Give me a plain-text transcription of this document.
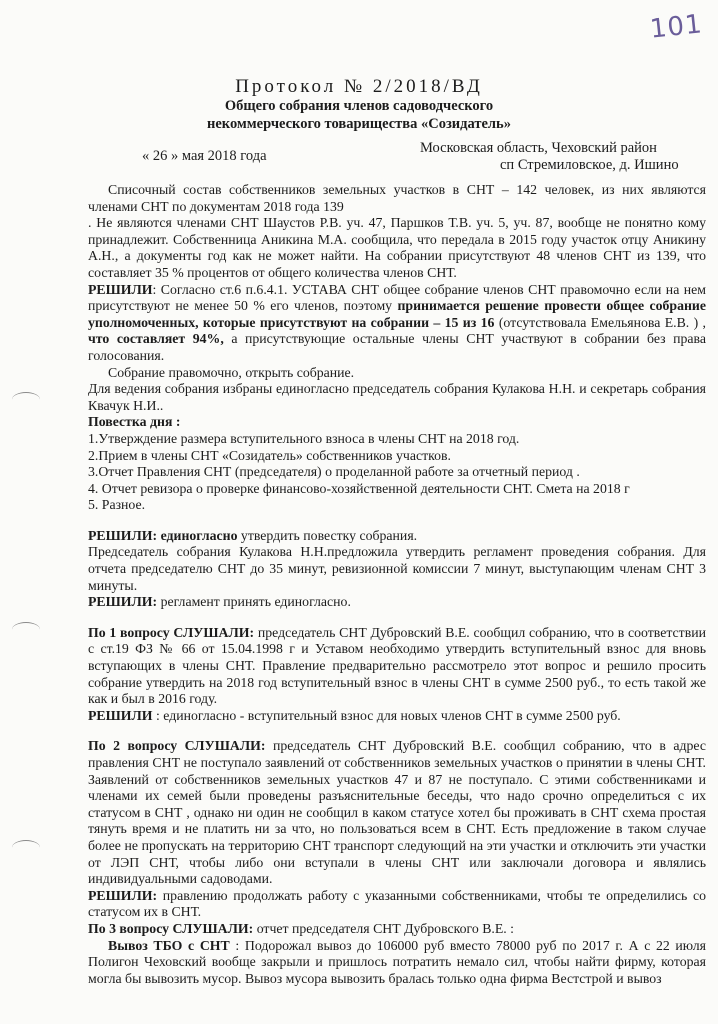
101
Протокол № 2/2018/ВД
Общего собрания членов садоводческого
некоммерческого товарищества «Созидатель»
« 26 » мая 2018 года	Московская область, Чеховский район
сп Стремиловское, д. Ишино

Списочный состав собственников земельных участков в СНТ – 142 человек, из них являются членами СНТ по документам 2018 года 139

. Не являются членами СНТ Шаустов Р.В. уч. 47, Паршков Т.В. уч. 5, уч. 87, вообще не понятно кому принадлежит. Собственница Аникина М.А. сообщила, что передала в 2015 году участок отцу Аникину А.Н., а документы год как не может найти. На собрании присутствуют 48 членов СНТ из 139, что составляет 35 % процентов от общего количества членов СНТ.

РЕШИЛИ: Согласно ст.6 п.6.4.1. УСТАВА СНТ общее собрание членов СНТ правомочно если на нем присутствуют не менее 50 % его членов, поэтому принимается решение провести общее собрание уполномоченных, которые присутствуют на собрании – 15 из 16 (отсутствовала Емельянова Е.В. ) , что составляет 94%, а присутствующие остальные члены СНТ участвуют в собрании без права голосования.

Собрание правомочно, открыть собрание.

Для ведения собрания избраны единогласно председатель собрания Кулакова Н.Н. и секретарь собрания Квачук Н.И..

Повестка дня :

1.Утверждение размера вступительного взноса в члены СНТ на 2018 год.

2.Прием в члены СНТ «Созидатель» собственников участков.

3.Отчет Правления СНТ (председателя) о проделанной работе за отчетный период .

4. Отчет ревизора о проверке финансово-хозяйственной деятельности СНТ. Смета на 2018 г

5. Разное.

РЕШИЛИ: единогласно утвердить повестку собрания.

Председатель собрания Кулакова Н.Н.предложила утвердить регламент проведения собрания. Для отчета председателю СНТ до 35 минут, ревизионной комиссии 7 минут, выступающим членам СНТ 3 минуты.

РЕШИЛИ: регламент принять единогласно.

По 1 вопросу СЛУШАЛИ: председатель СНТ Дубровский В.Е. сообщил собранию, что в соответствии с ст.19 ФЗ № 66 от 15.04.1998 г и Уставом необходимо утвердить вступительный взнос для вновь вступающих в члены СНТ. Правление предварительно рассмотрело этот вопрос и решило просить собрание утвердить на 2018 год вступительный взнос в члены СНТ в сумме 2500 руб., то есть такой же как и был в 2016 году.

РЕШИЛИ : единогласно - вступительный взнос для новых членов СНТ в сумме 2500 руб.

По 2 вопросу СЛУШАЛИ: председатель СНТ Дубровский В.Е. сообщил собранию, что в адрес правления СНТ не поступало заявлений от собственников земельных участков о принятии в члены СНТ. Заявлений от собственников земельных участков 47 и 87 не поступало. С этими собственниками и членами их семей были проведены разъяснительные беседы, что надо срочно определиться с их статусом в СНТ , однако ни один не сообщил в каком статусе хотел бы проживать в СНТ схема простая тянуть время и не платить ни за что, но пользоваться всем в СНТ. Есть предложение в таком случае более не пропускать на территорию СНТ транспорт следующий на эти участки и отключить эти участки от ЛЭП СНТ, чтобы либо они вступали в члены СНТ или заключали договора и являлись индивидуальными садоводами.

РЕШИЛИ: правлению продолжать работу с указанными собственниками, чтобы те определились со статусом их в СНТ.

По 3 вопросу СЛУШАЛИ: отчет председателя СНТ Дубровского В.Е. :

Вывоз ТБО с СНТ : Подорожал вывоз до 106000 руб вместо 78000 руб по 2017 г. А с 22 июля Полигон Чеховский вообще закрыли и пришлось потратить немало сил, чтобы найти фирму, которая могла бы вывозить мусор. Вывоз мусора вывозить бралась только одна фирма Вестстрой и вывоз
